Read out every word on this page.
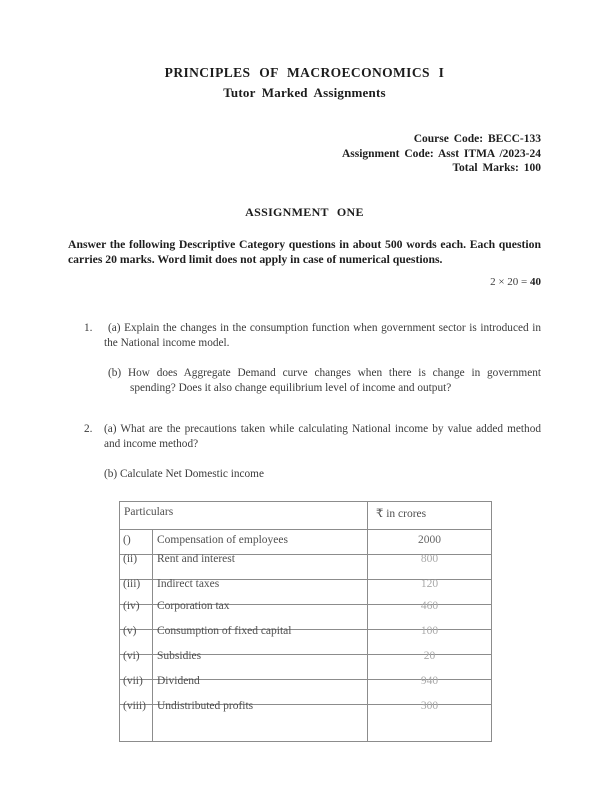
PRINCIPLES OF MACROECONOMICS I
Tutor Marked Assignments
Course Code: BECC-133
Assignment Code: Asst ITMA /2023-24
Total Marks: 100
ASSIGNMENT ONE

Answer the following Descriptive Category questions in about 500 words each. Each question carries 20 marks. Word limit does not apply in case of numerical questions.

2 × 20 = 40
1.	(a) Explain the changes in the consumption function when government sector is introduced in the National income model.

(b) How does Aggregate Demand curve changes when there is change in government spending? Does it also change equilibrium level of income and output?

2.	(a) What are the precautions taken while calculating National income by value added method and income method?

(b) Calculate Net Domestic income

Particulars	₹ in crores
()	Compensation of employees	2000
(ii)	Rent and interest	800
(iii)	Indirect taxes	120
(iv)	Corporation tax	460
(v)	Consumption of fixed capital	100
(vi)	Subsidies	20
(vii)	Dividend	940
(viii) Undistributed profits	300
